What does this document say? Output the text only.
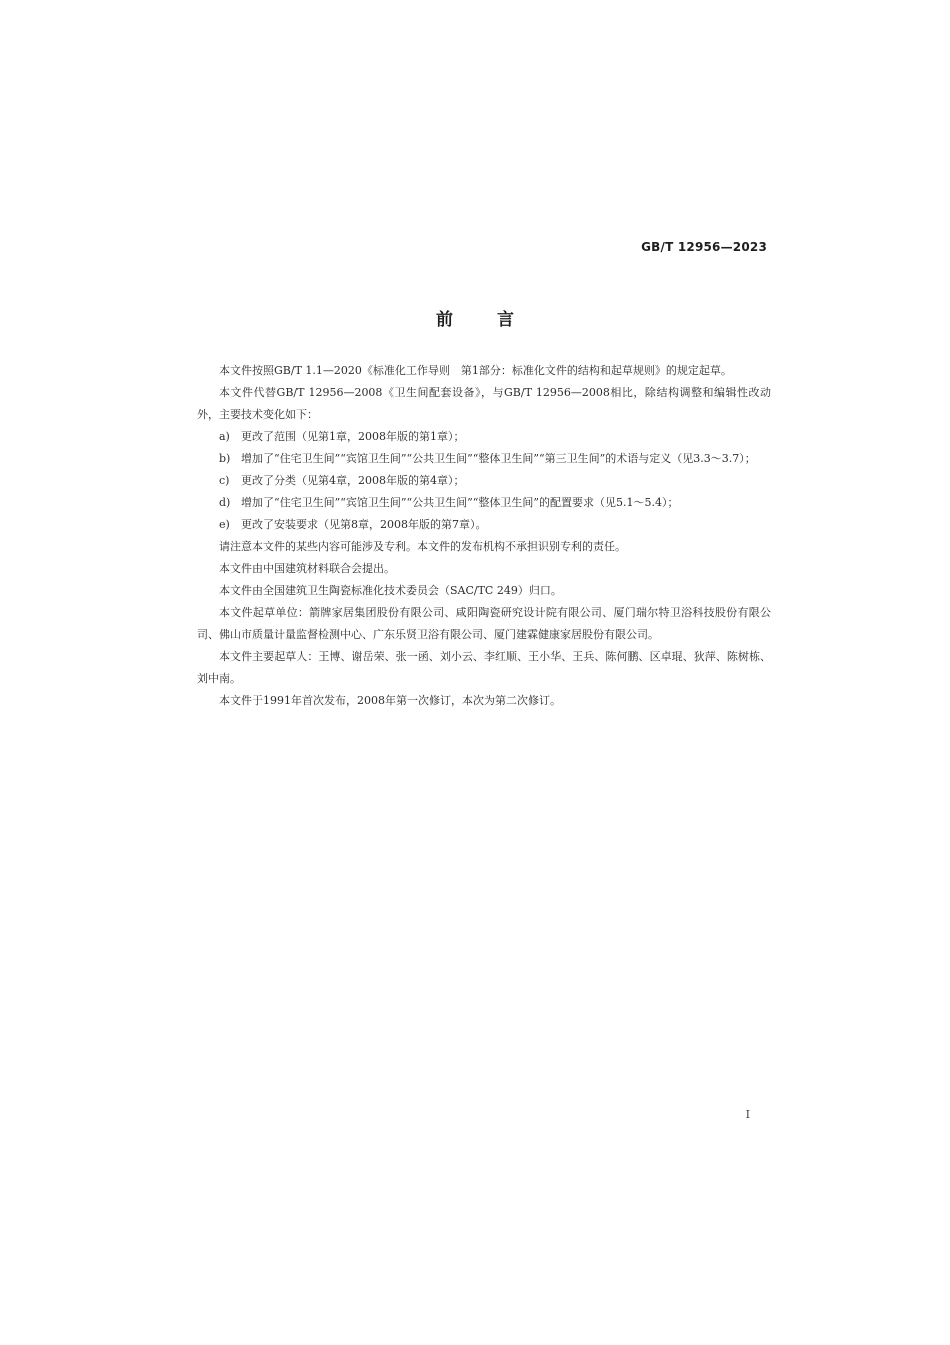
GB/T 12956—2023
前言

本文件按照GB/T 1.1—2020《标准化工作导则　第1部分：标准化文件的结构和起草规则》的规定起草。

本文件代替GB/T 12956—2008《卫生间配套设备》，与GB/T 12956—2008相比，除结构调整和编辑性改动外，主要技术变化如下：

a) 更改了范围（见第1章，2008年版的第1章）；

b) 增加了“住宅卫生间”“宾馆卫生间”“公共卫生间”“整体卫生间”“第三卫生间”的术语与定义（见3.3～3.7）；

c) 更改了分类（见第4章，2008年版的第4章）；

d) 增加了“住宅卫生间”“宾馆卫生间”“公共卫生间”“整体卫生间”的配置要求（见5.1～5.4）；

e) 更改了安装要求（见第8章，2008年版的第7章）。

请注意本文件的某些内容可能涉及专利。本文件的发布机构不承担识别专利的责任。

本文件由中国建筑材料联合会提出。

本文件由全国建筑卫生陶瓷标准化技术委员会（SAC/TC 249）归口。

本文件起草单位：箭牌家居集团股份有限公司、咸阳陶瓷研究设计院有限公司、厦门瑞尔特卫浴科技股份有限公司、佛山市质量计量监督检测中心、广东乐贤卫浴有限公司、厦门建霖健康家居股份有限公司。

本文件主要起草人：王博、谢岳荣、张一函、刘小云、李红顺、王小华、王兵、陈何鹏、区卓琨、狄萍、陈树栋、刘中南。

本文件于1991年首次发布，2008年第一次修订，本次为第二次修订。

I
